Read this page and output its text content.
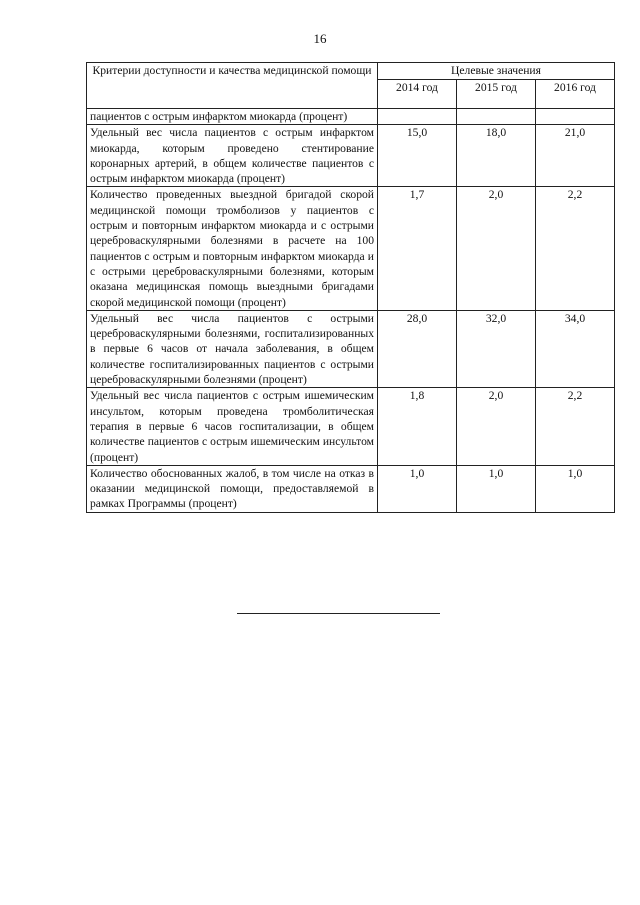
16
Критерии доступности и качества медицинской помощи	Целевые значения		
	2014 год	2015 год	2016 год
пациентов с острым инфарктом миокарда (процент)			
Удельный вес числа пациентов с острым инфарктом миокарда, которым проведено стентирование коронарных артерий, в общем количестве пациентов с острым инфарктом миокарда (процент)	15,0	18,0	21,0
Количество проведенных выездной бригадой скорой медицинской помощи тромболизов у пациентов с острым и повторным инфарктом миокарда и с острыми цереброваскулярными болезнями в расчете на 100 пациентов с острым и повторным инфарктом миокарда и с острыми цереброваскулярными болезнями, которым оказана медицинская помощь выездными бригадами скорой медицинской помощи (процент)	1,7	2,0	2,2
Удельный вес числа пациентов с острыми цереброваскулярными болезнями, госпитализированных в первые 6 часов от начала заболевания, в общем количестве госпитализированных пациентов с острыми цереброваскулярными болезнями (процент)	28,0	32,0	34,0
Удельный вес числа пациентов с острым ишемическим инсультом, которым проведена тромболитическая терапия в первые 6 часов госпитализации, в общем количестве пациентов с острым ишемическим инсультом (процент)	1,8	2,0	2,2
Количество обоснованных жалоб, в том числе на отказ в оказании медицинской помощи, предоставляемой в рамках Программы (процент)	1,0	1,0	1,0
